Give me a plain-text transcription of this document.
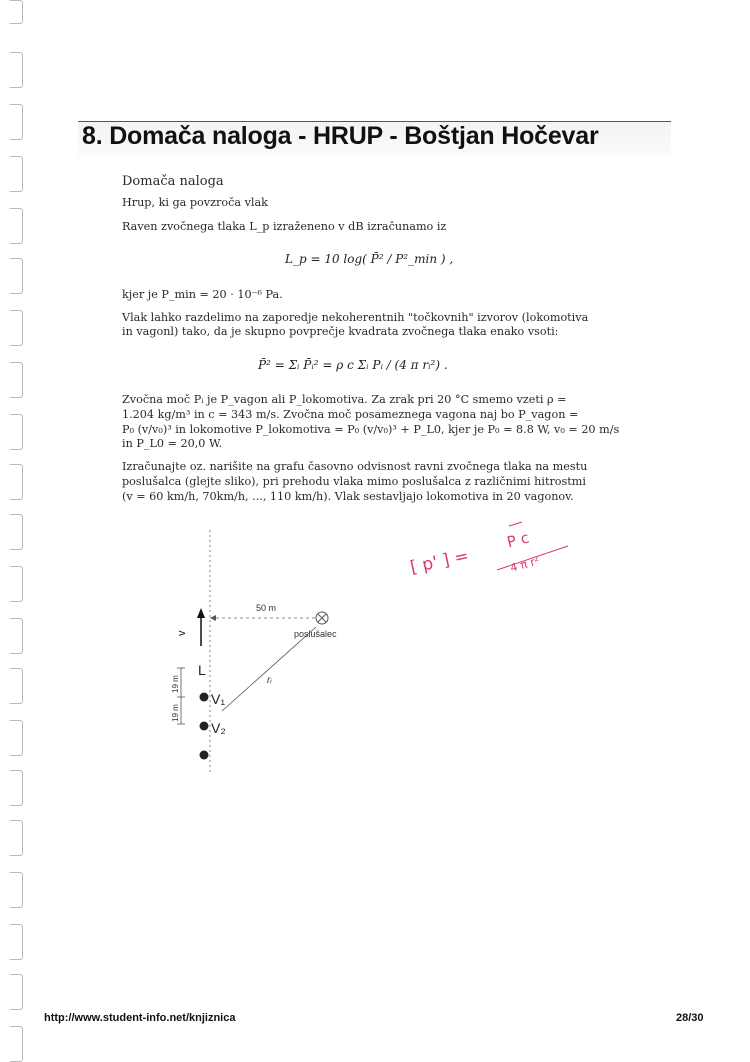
8. Domača naloga - HRUP - Boštjan Hočevar
Domača naloga
Hrup, ki ga povzroča vlak
Raven zvočnega tlaka L_p izraženeno v dB izračunamo iz
L_p = 10 log( P̄² / P²_min ) ,
kjer je P_min = 20 · 10⁻⁶ Pa.
Vlak lahko razdelimo na zaporedje nekoherentnih "točkovnih" izvorov (lokomotiva
in vagonl) tako, da je skupno povprečje kvadrata zvočnega tlaka enako vsoti:
P̄² = Σᵢ P̄ᵢ² = ρ c Σᵢ Pᵢ / (4 π rᵢ²) .
Zvočna moč Pᵢ je P_vagon ali P_lokomotiva. Za zrak pri 20 °C smemo vzeti ρ =
1.204 kg/m³ in c = 343 m/s. Zvočna moč posameznega vagona naj bo P_vagon =
P₀ (v/v₀)³ in lokomotive P_lokomotiva = P₀ (v/v₀)³ + P_L0, kjer je P₀ = 8.8 W, v₀ = 20 m/s
in P_L0 = 20,0 W.
Izračunajte oz. narišite na grafu časovno odvisnost ravni zvočnega tlaka na mestu
poslušalca (glejte sliko), pri prehodu vlaka mimo poslušalca z različnimi hitrostmi
(v = 60 km/h, 70km/h, ..., 110 km/h). Vlak sestavljajo lokomotiva in 20 vagonov.
[ p' ] =
P c
4 π r²
50 m
poslušalec
v
rᵢ
L
V₁
V₂
19 m
19 m
http://www.student-info.net/knjiznica	28/30
